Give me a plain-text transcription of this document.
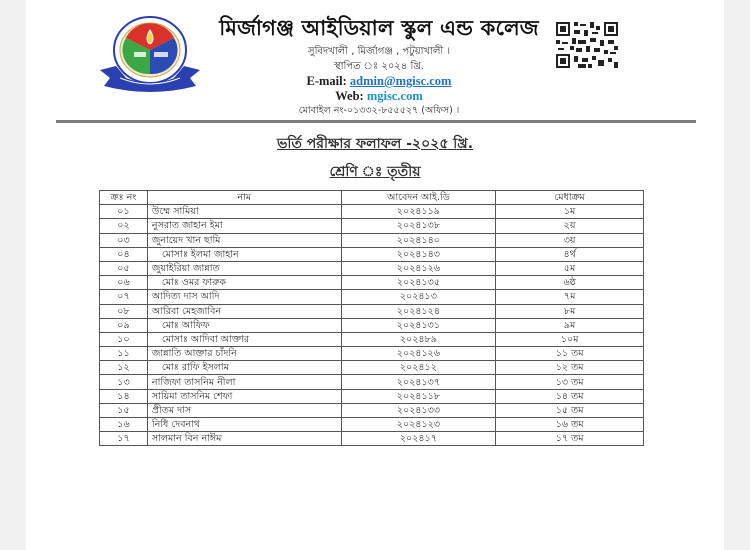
মির্জাগঞ্জ আইডিয়াল স্কুল এন্ড কলেজ
সুবিদখালী , মির্জাগঞ্জ , পটুয়াখালী ।
স্থাপিত ঃ ২০২৪ খ্রি.
E-mail: admin@mgisc.com
Web: mgisc.com
মোবাইল নং-০১৩৩২-৮৫৫৫২৭ (অফিস) ।
ভর্তি পরীক্ষার ফলাফল -২০২৫ খ্রি.
শ্রেণি ঃ তৃতীয়
ক্রঃ নং	নাম	আবেদন আই.ডি	মেধাক্রম
০১	উম্মে সামিয়া	২০২৪১১৯	১ম
০২	নুসরাত জাহান ইমা	২০২৪১৩৮	২য়
০৩	জুনায়েদ খান ছামি	২০২৪১৪০	৩য়
০৪	মোসাঃ ইলমা জাহান	২০২৪১৪৩	৪র্থ
০৫	জুয়াইরিয়া জান্নাত	২০২৪১২৬	৫ম
০৬	মোঃ ওমর ফারুক	২০২৪১৩৫	৬ষ্ঠ
০৭	আদিত্য দাস আদি	২০২৪১৩	৭ম
০৮	আরিবা মেহজাবিন	২০২৪১২৪	৮ম
০৯	মোঃ আফিফ	২০২৪১৩১	৯ম
১০	মোসাঃ আদিবা আক্তার	২০২৪৮৯	১০ম
১১	জান্নাতি আক্তার চাঁদনি	২০২৪১২৬	১১ তম
১২	মোঃ রাফি ইসলাম	২০২৪১২	১২ তম
১৩	নাজিফা তাসনিম নীলা	২০২৪১৩৭	১৩ তম
১৪	সায়িমা তাসনিম শেফা	২০২৪১১৮	১৪ তম
১৫	প্রীতম দাস	২০২৪১৩৩	১৫ তম
১৬	নিধি দেবনাথ	২০২৪১২৩	১৬ তম
১৭	সালমান বিন নাঈম	২০২৪১৭	১৭ তম
